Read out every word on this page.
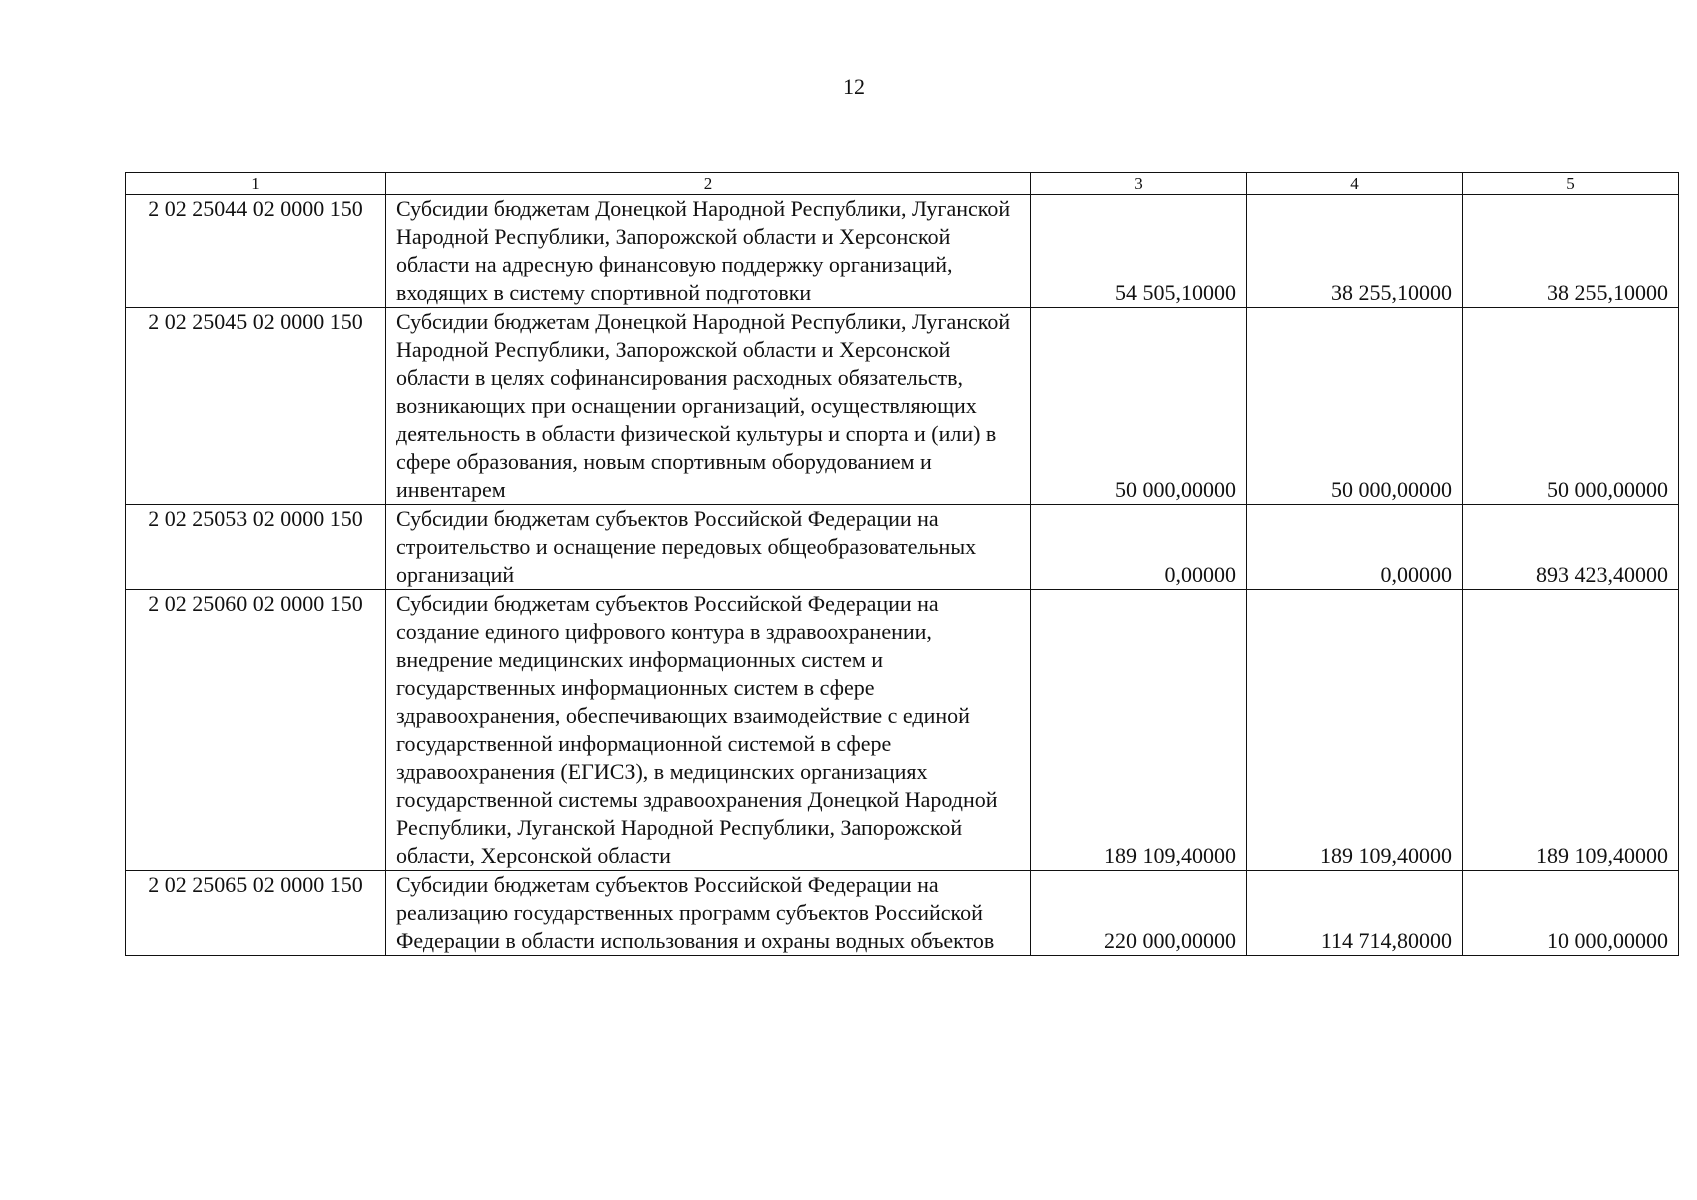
12
1	2	3	4	5
2 02 25044 02 0000 150	Субсидии бюджетам Донецкой Народной Республики, Луганской Народной Республики, Запорожской области и Херсонской области на адресную финансовую поддержку организаций, входящих в систему спортивной подготовки	54 505,10000	38 255,10000	38 255,10000
2 02 25045 02 0000 150	Субсидии бюджетам Донецкой Народной Республики, Луганской Народной Республики, Запорожской области и Херсонской области в целях софинансирования расходных обязательств, возникающих при оснащении организаций, осуществляющих деятельность в области физической культуры и спорта и (или) в сфере образования, новым спортивным оборудованием и инвентарем	50 000,00000	50 000,00000	50 000,00000
2 02 25053 02 0000 150	Субсидии бюджетам субъектов Российской Федерации на строительство и оснащение передовых общеобразовательных организаций	0,00000	0,00000	893 423,40000
2 02 25060 02 0000 150	Субсидии бюджетам субъектов Российской Федерации на создание единого цифрового контура в здравоохранении, внедрение медицинских информационных систем и государственных информационных систем в сфере здравоохранения, обеспечивающих взаимодействие с единой государственной информационной системой в сфере здравоохранения (ЕГИСЗ), в медицинских организациях государственной системы здравоохранения Донецкой Народной Республики, Луганской Народной Республики, Запорожской области, Херсонской области	189 109,40000	189 109,40000	189 109,40000
2 02 25065 02 0000 150	Субсидии бюджетам субъектов Российской Федерации на реализацию государственных программ субъектов Российской Федерации в области использования и охраны водных объектов	220 000,00000	114 714,80000	10 000,00000
